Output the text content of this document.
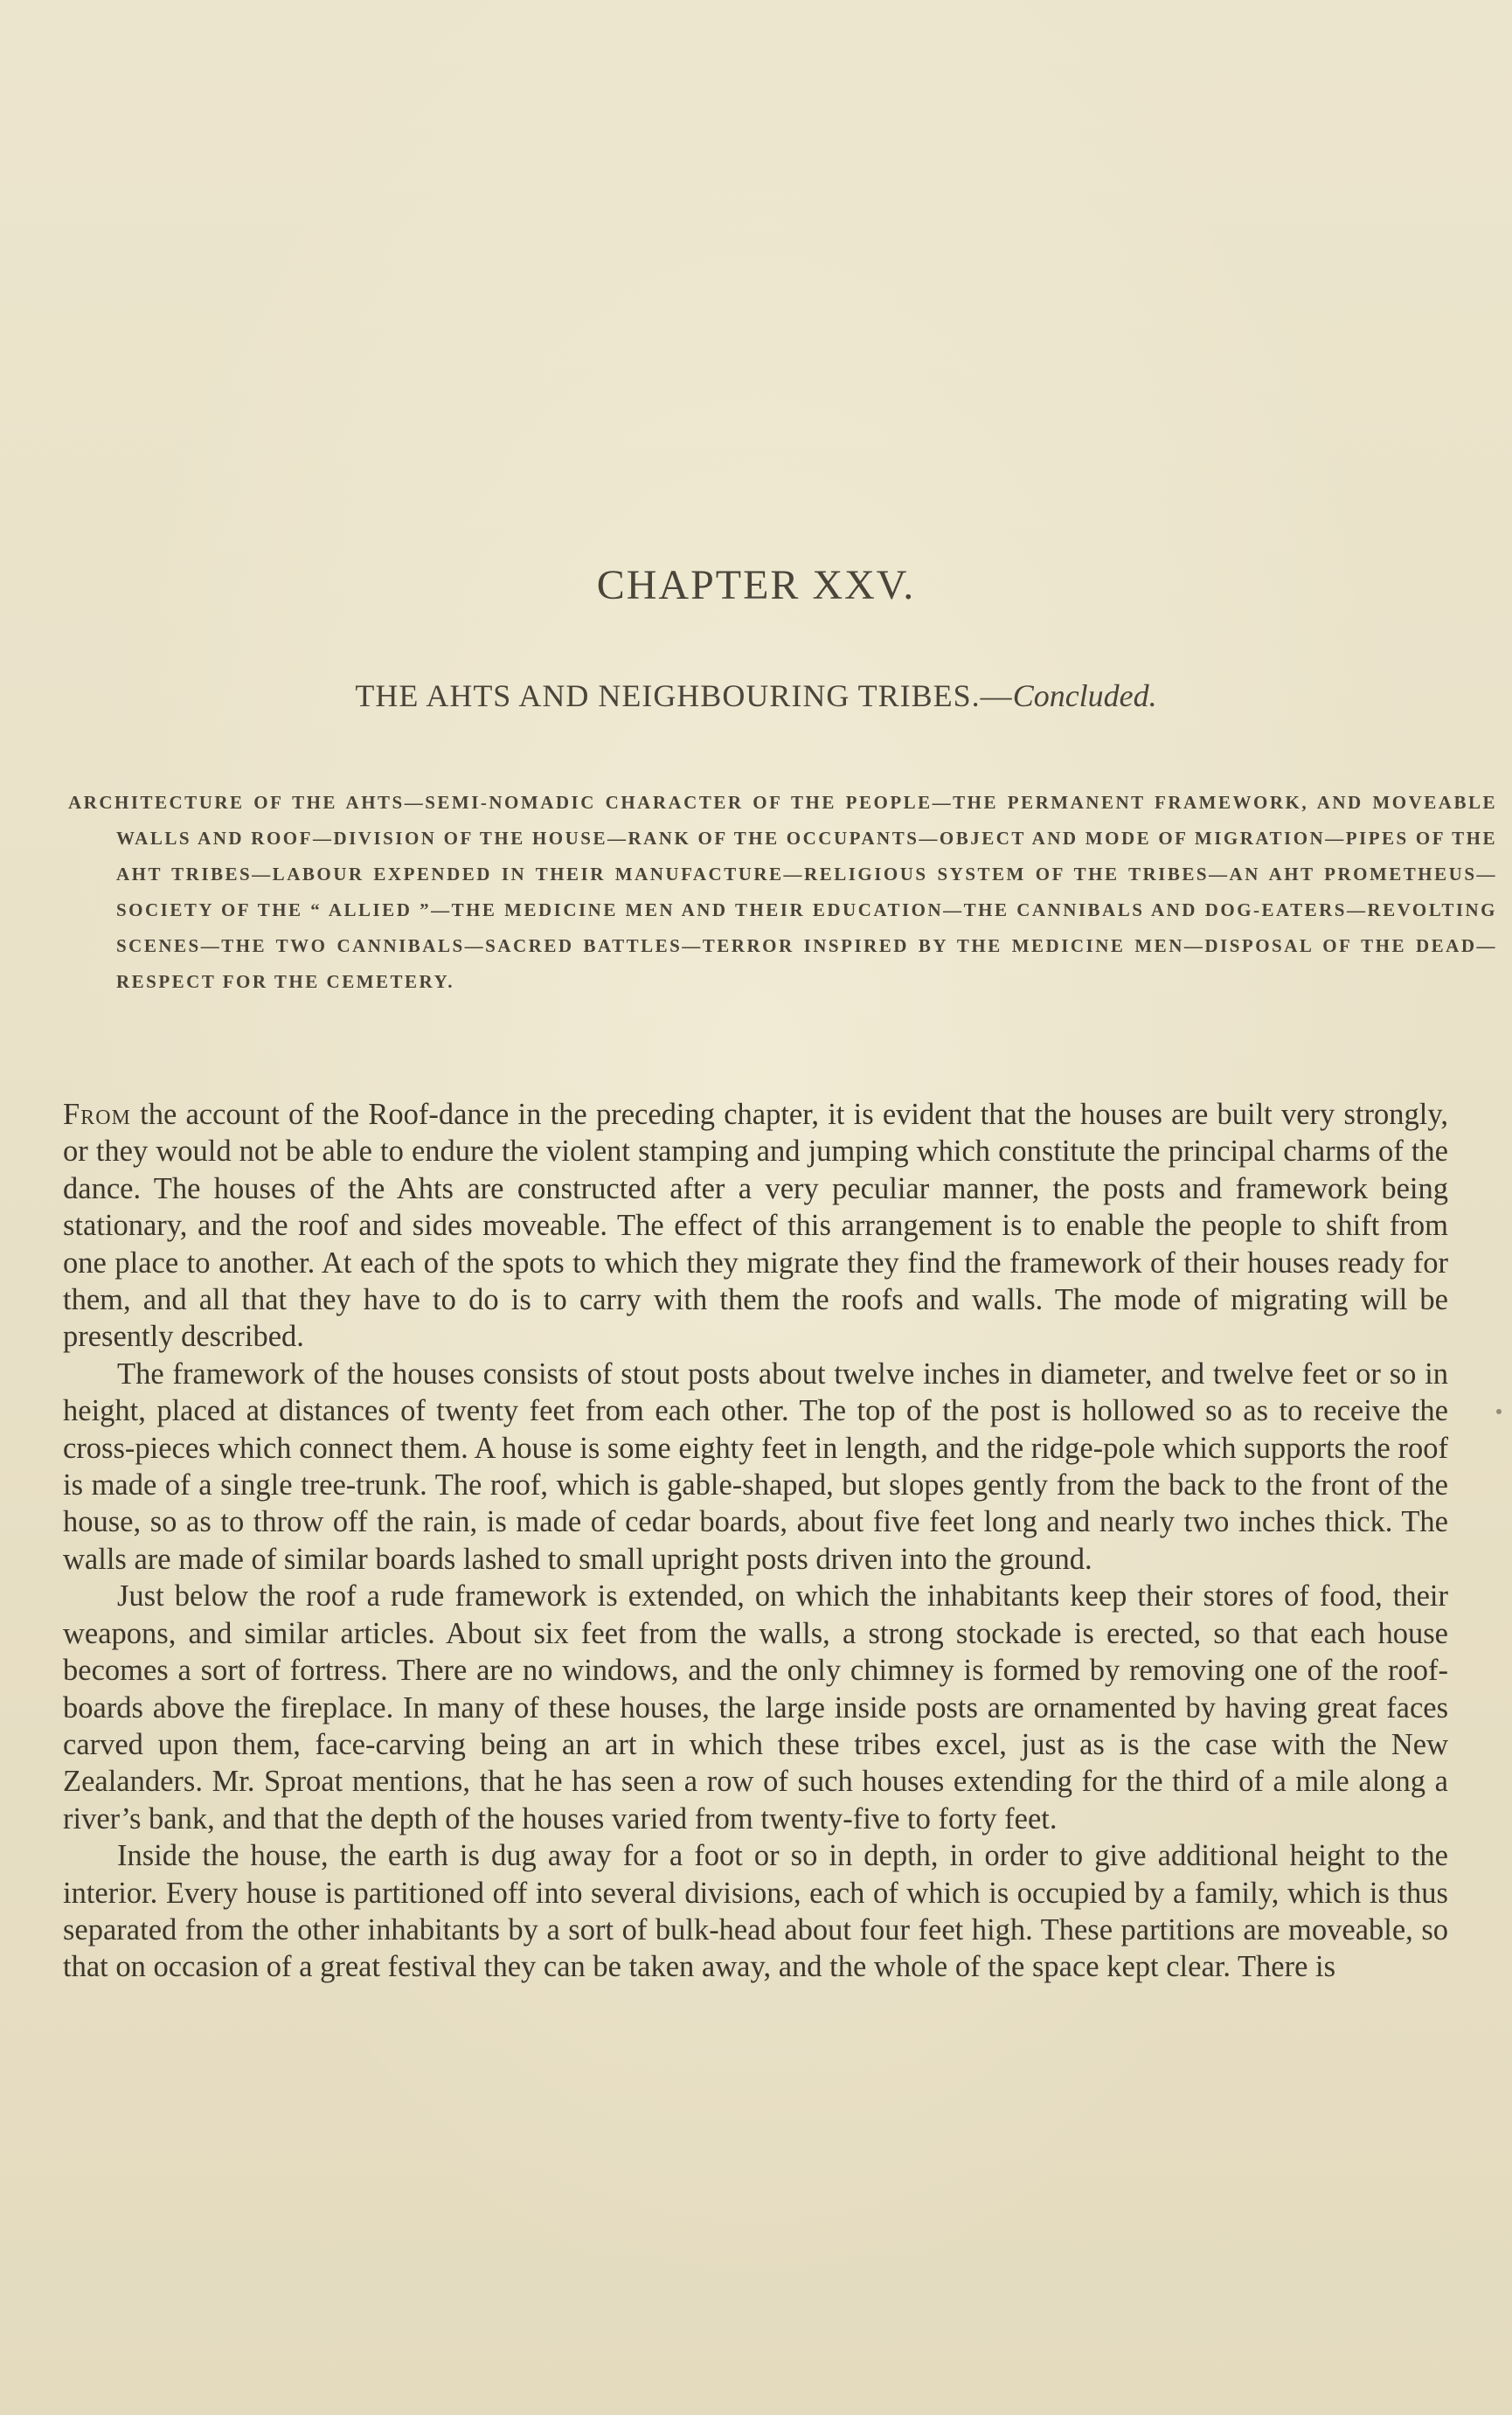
CHAPTER XXV.
THE AHTS AND NEIGHBOURING TRIBES.—Concluded.
ARCHITECTURE OF THE AHTS—SEMI-NOMADIC CHARACTER OF THE PEOPLE—THE PERMANENT FRAMEWORK, AND MOVEABLE WALLS AND ROOF—DIVISION OF THE HOUSE—RANK OF THE OCCUPANTS—OBJECT AND MODE OF MIGRATION—PIPES OF THE AHT TRIBES—LABOUR EXPENDED IN THEIR MANUFACTURE—RELIGIOUS SYSTEM OF THE TRIBES—AN AHT PROMETHEUS—SOCIETY OF THE “ ALLIED ”—THE MEDICINE MEN AND THEIR EDUCATION—THE CANNIBALS AND DOG-EATERS—REVOLTING SCENES—THE TWO CANNIBALS—SACRED BATTLES—TERROR INSPIRED BY THE MEDICINE MEN—DISPOSAL OF THE DEAD—RESPECT FOR THE CEMETERY.

From the account of the Roof-dance in the preceding chapter, it is evident that the houses are built very strongly, or they would not be able to endure the violent stamping and jumping which constitute the principal charms of the dance. The houses of the Ahts are constructed after a very peculiar manner, the posts and framework being stationary, and the roof and sides moveable. The effect of this arrangement is to enable the people to shift from one place to another. At each of the spots to which they migrate they find the framework of their houses ready for them, and all that they have to do is to carry with them the roofs and walls. The mode of migrating will be presently described.

The framework of the houses consists of stout posts about twelve inches in diameter, and twelve feet or so in height, placed at distances of twenty feet from each other. The top of the post is hollowed so as to receive the cross-pieces which connect them. A house is some eighty feet in length, and the ridge-pole which supports the roof is made of a single tree-trunk. The roof, which is gable-shaped, but slopes gently from the back to the front of the house, so as to throw off the rain, is made of cedar boards, about five feet long and nearly two inches thick. The walls are made of similar boards lashed to small upright posts driven into the ground.

Just below the roof a rude framework is extended, on which the inhabitants keep their stores of food, their weapons, and similar articles. About six feet from the walls, a strong stockade is erected, so that each house becomes a sort of fortress. There are no windows, and the only chimney is formed by removing one of the roof-boards above the fireplace. In many of these houses, the large inside posts are ornamented by having great faces carved upon them, face-carving being an art in which these tribes excel, just as is the case with the New Zealanders. Mr. Sproat mentions, that he has seen a row of such houses extending for the third of a mile along a river’s bank, and that the depth of the houses varied from twenty-five to forty feet.

Inside the house, the earth is dug away for a foot or so in depth, in order to give additional height to the interior. Every house is partitioned off into several divisions, each of which is occupied by a family, which is thus separated from the other inhabitants by a sort of bulk-head about four feet high. These partitions are moveable, so that on occasion of a great festival they can be taken away, and the whole of the space kept clear. There is
